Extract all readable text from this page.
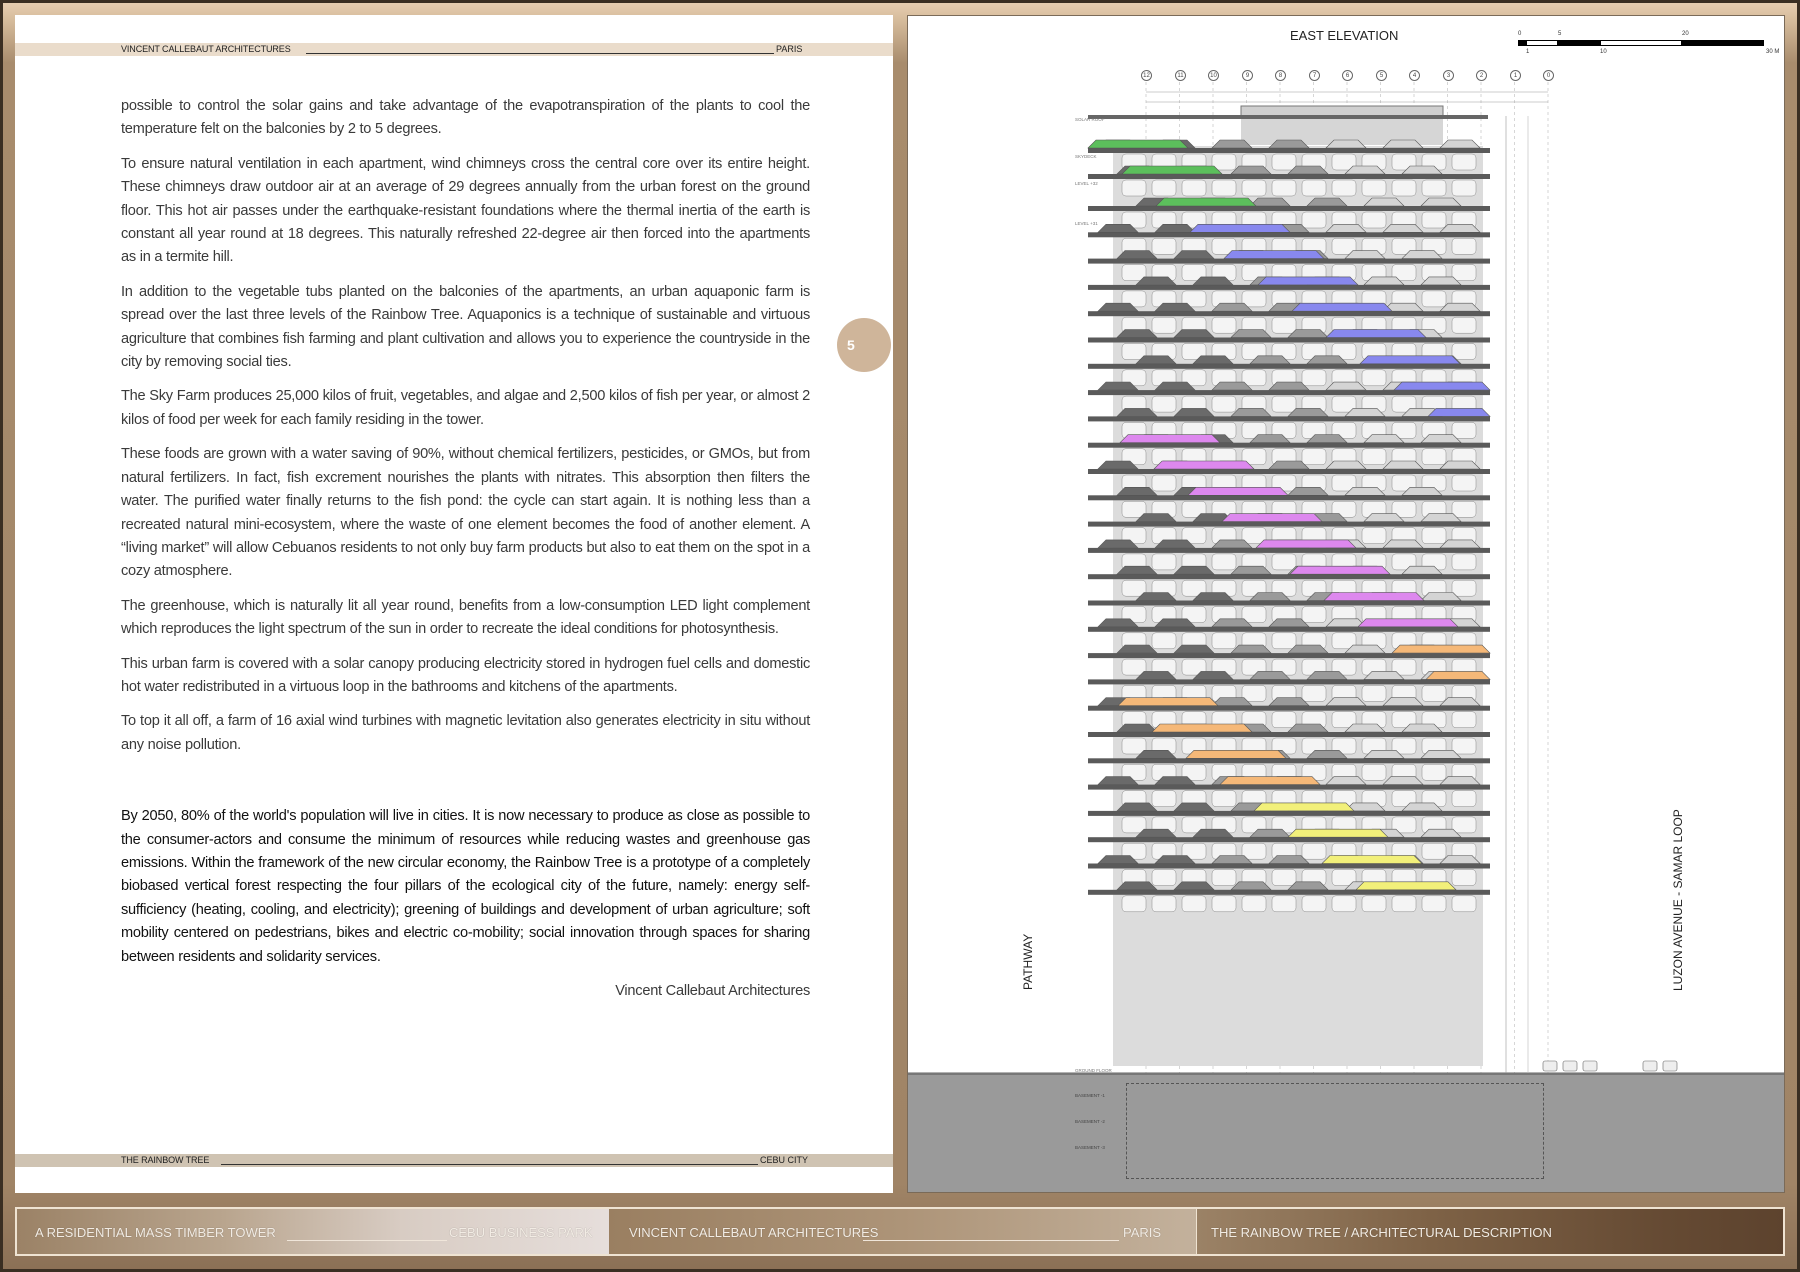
VINCENT CALLEBAUT ARCHITECTURES	PARIS

possible to control the solar gains and take advantage of the evapotranspiration of the plants to cool the temperature felt on the balconies by 2 to 5 degrees.

To ensure natural ventilation in each apartment, wind chimneys cross the central core over its entire height. These chimneys draw outdoor air at an average of 29 degrees annually from the urban forest on the ground floor. This hot air passes under the earthquake-resistant foundations where the thermal inertia of the earth is constant all year round at 18 degrees. This naturally refreshed 22-degree air then forced into the apartments as in a termite hill.

In addition to the vegetable tubs planted on the balconies of the apartments, an urban aquaponic farm is spread over the last three levels of the Rainbow Tree. Aquaponics is a technique of sustainable and virtuous agriculture that combines fish farming and plant cultivation and allows you to experience the countryside in the city by removing social ties.

The Sky Farm produces 25,000 kilos of fruit, vegetables, and algae and 2,500 kilos of fish per year, or almost 2 kilos of food per week for each family residing in the tower.

These foods are grown with a water saving of 90%, without chemical fertilizers, pesticides, or GMOs, but from natural fertilizers. In fact, fish excrement nourishes the plants with nitrates. This absorption then filters the water. The purified water finally returns to the fish pond: the cycle can start again. It is nothing less than a recreated natural mini-ecosystem, where the waste of one element becomes the food of another element. A “living market” will allow Cebuanos residents to not only buy farm products but also to eat them on the spot in a cozy atmosphere.

The greenhouse, which is naturally lit all year round, benefits from a low-consumption LED light complement which reproduces the light spectrum of the sun in order to recreate the ideal conditions for photosynthesis.

This urban farm is covered with a solar canopy producing electricity stored in hydrogen fuel cells and domestic hot water redistributed in a virtuous loop in the bathrooms and kitchens of the apartments.

To top it all off, a farm of 16 axial wind turbines with magnetic levitation also generates electricity in situ without any noise pollution.

By 2050, 80% of the world's population will live in cities. It is now necessary to produce as close as possible to the consumer-actors and consume the minimum of resources while reducing wastes and greenhouse gas emissions. Within the framework of the new circular economy, the Rainbow Tree is a prototype of a completely biobased vertical forest respecting the four pillars of the ecological city of the future, namely: energy self-sufficiency (heating, cooling, and electricity); greening of buildings and development of urban agriculture; soft mobility centered on pedestrians, bikes and electric co-mobility; social innovation through spaces for sharing between residents and solidarity services.

Vincent Callebaut Architectures

5
THE RAINBOW TREE	CEBU CITY
EAST ELEVATION	0	5	20
1	10	30 M
12	11	10	9	8	7	6	5	4	3	2	1	0
SOLAR ROOF
SKYDECK
LEVEL +32
LEVEL +31
GROUND FLOOR
BASEMENT -1
BASEMENT -2
BASEMENT -3
PATHWAY	LUZON AVENUE - SAMAR LOOP
A RESIDENTIAL MASS TIMBER TOWER	CEBU BUSINESS PARK	VINCENT CALLEBAUT ARCHITECTURES	PARIS	THE RAINBOW TREE / ARCHITECTURAL DESCRIPTION
